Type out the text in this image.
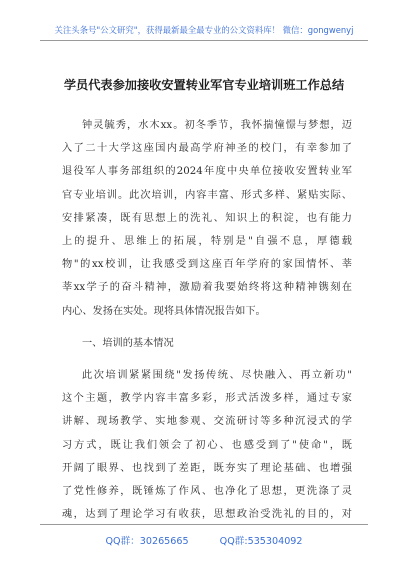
关注头条号"公文研究"，获得最新最全最专业的公文资料库！ 微信：gongwenyj
学员代表参加接收安置转业军官专业培训班工作总结

钟灵毓秀，水木xx。初冬季节，我怀揣憧憬与梦想，迈
入了二十大学这座国内最高学府神圣的校门，有幸参加了
退役军人事务部组织的2024年度中央单位接收安置转业军
官专业培训。此次培训，内容丰富、形式多样、紧贴实际、
安排紧凑，既有思想上的洗礼、知识上的积淀，也有能力
上的提升、思维上的拓展，特别是"自强不息，厚德载
物"的xx校训，让我感受到这座百年学府的家国情怀、莘
莘xx学子的奋斗精神，激励着我要始终将这种精神镌刻在
内心、发扬在实处。现将具体情况报告如下。

一、培训的基本情况

此次培训紧紧围绕"发扬传统、尽快融入、再立新功"
这个主题，教学内容丰富多彩，形式活泼多样，通过专家
讲解、现场教学、实地参观、交流研讨等多种沉浸式的学
习方式，既让我们领会了初心、也感受到了"使命"，既
开阔了眼界、也找到了差距，既夯实了理论基础、也增强
了党性修养，既锤炼了作风、也净化了思想，更洗涤了灵
魂，达到了理论学习有收获，思想政治受洗礼的目的，对

QQ群：30265665	QQ群:535304092
